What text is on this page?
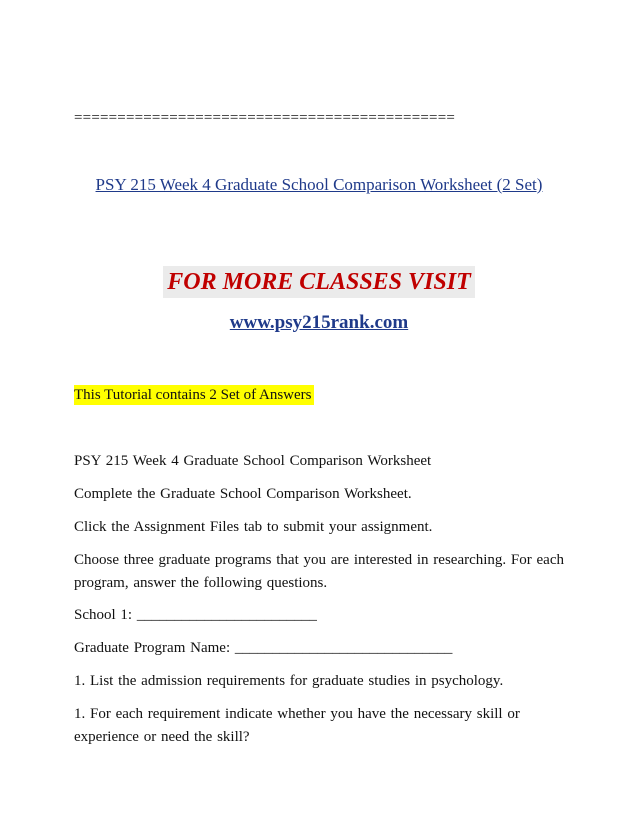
============================================
PSY 215 Week 4 Graduate School Comparison Worksheet (2 Set)
FOR MORE CLASSES VISIT
www.psy215rank.com
This Tutorial contains 2 Set of Answers
PSY 215 Week 4 Graduate School Comparison Worksheet
Complete the Graduate School Comparison Worksheet.
Click the Assignment Files tab to submit your assignment.
Choose three graduate programs that you are interested in researching. For each program, answer the following questions.
School 1: ________________________
Graduate Program Name: _____________________________
1. List the admission requirements for graduate studies in psychology.
1. For each requirement indicate whether you have the necessary skill or experience or need the skill?
